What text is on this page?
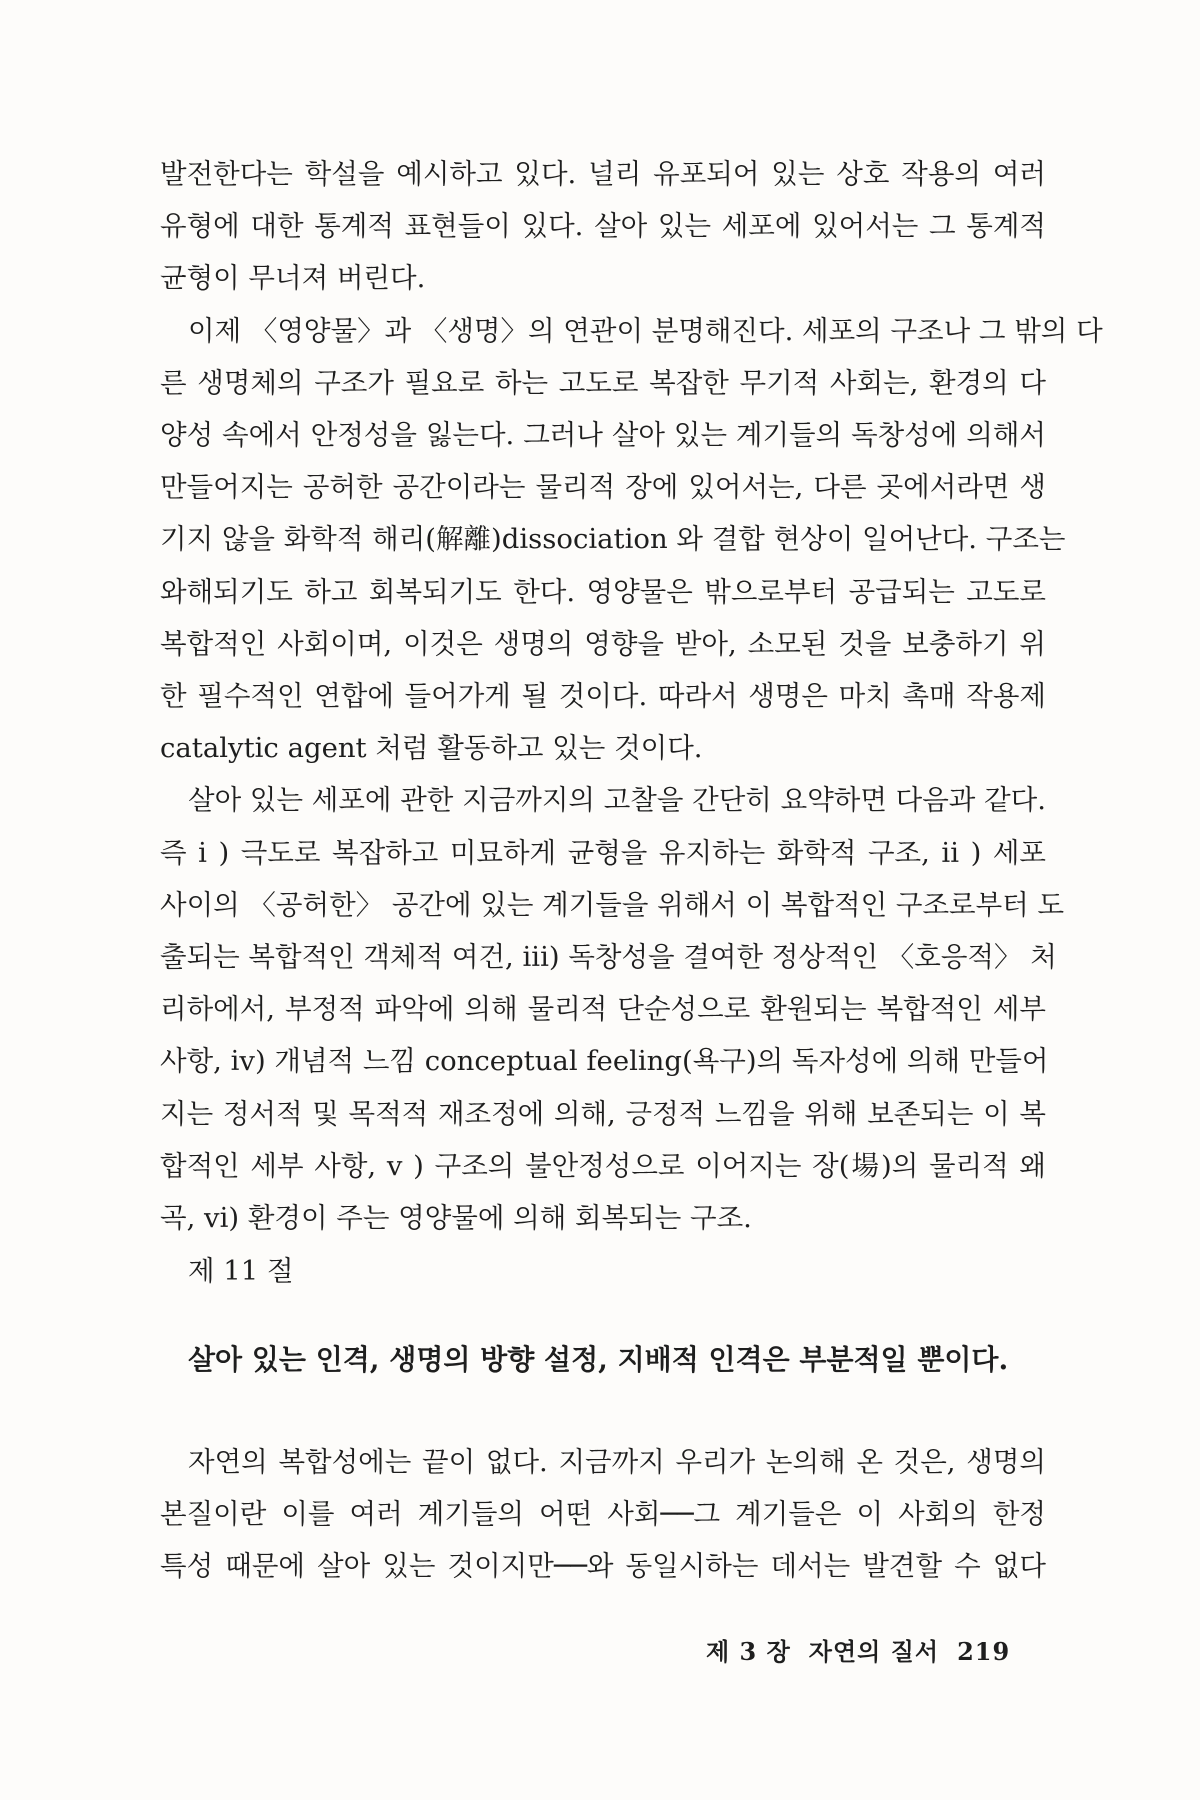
발전한다는 학설을 예시하고 있다. 널리 유포되어 있는 상호 작용의 여러
유형에 대한 통계적 표현들이 있다. 살아 있는 세포에 있어서는 그 통계적
균형이 무너져 버린다.
이제 〈영양물〉과 〈생명〉의 연관이 분명해진다. 세포의 구조나 그 밖의 다
른 생명체의 구조가 필요로 하는 고도로 복잡한 무기적 사회는, 환경의 다
양성 속에서 안정성을 잃는다. 그러나 살아 있는 계기들의 독창성에 의해서
만들어지는 공허한 공간이라는 물리적 장에 있어서는, 다른 곳에서라면 생
기지 않을 화학적 해리(解離)dissociation 와 결합 현상이 일어난다. 구조는
와해되기도 하고 회복되기도 한다. 영양물은 밖으로부터 공급되는 고도로
복합적인 사회이며, 이것은 생명의 영향을 받아, 소모된 것을 보충하기 위
한 필수적인 연합에 들어가게 될 것이다. 따라서 생명은 마치 촉매 작용제
catalytic agent 처럼 활동하고 있는 것이다.
살아 있는 세포에 관한 지금까지의 고찰을 간단히 요약하면 다음과 같다.
즉 i ) 극도로 복잡하고 미묘하게 균형을 유지하는 화학적 구조, ii ) 세포
사이의 〈공허한〉 공간에 있는 계기들을 위해서 이 복합적인 구조로부터 도
출되는 복합적인 객체적 여건, iii) 독창성을 결여한 정상적인 〈호응적〉 처
리하에서, 부정적 파악에 의해 물리적 단순성으로 환원되는 복합적인 세부
사항, iv) 개념적 느낌 conceptual feeling(욕구)의 독자성에 의해 만들어
지는 정서적 및 목적적 재조정에 의해, 긍정적 느낌을 위해 보존되는 이 복
합적인 세부 사항, v ) 구조의 불안정성으로 이어지는 장(場)의 물리적 왜
곡, vi) 환경이 주는 영양물에 의해 회복되는 구조.
제 11 절
살아 있는 인격, 생명의 방향 설정, 지배적 인격은 부분적일 뿐이다.
자연의 복합성에는 끝이 없다. 지금까지 우리가 논의해 온 것은, 생명의
본질이란 이를 여러 계기들의 어떤 사회──그 계기들은 이 사회의 한정
특성 때문에 살아 있는 것이지만──와 동일시하는 데서는 발견할 수 없다
제 3 장 자연의 질서 219
